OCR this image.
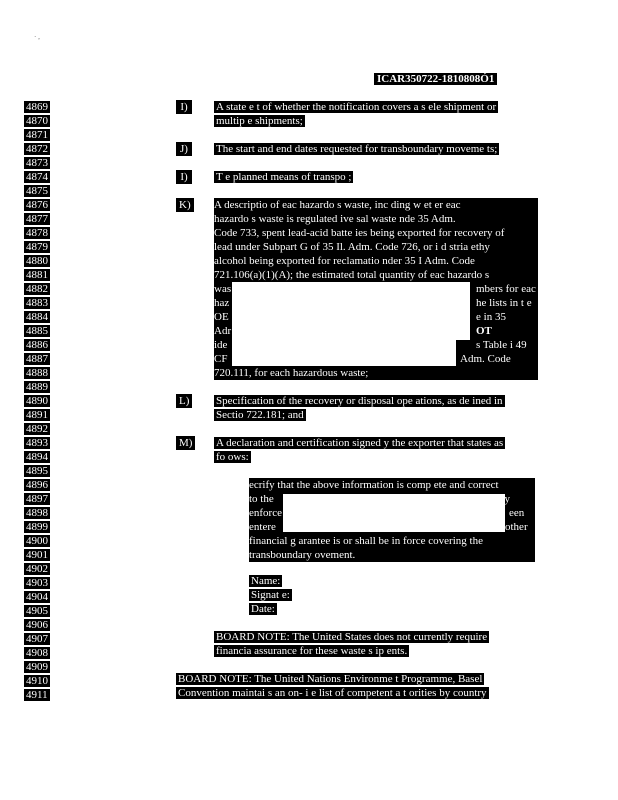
· ,
ICAR350722-1810808Ó1
4869
4870
4871
4872
4873
4874
4875
4876
4877
4878
4879
4880
4881
4882
4883
4884
4885
4886
4887
4888
4889
4890
4891
4892
4893
4894
4895
4896
4897
4898
4899
4900
4901
4902
4903
4904
4905
4906
4907
4908
4909
4910
4911
I)	A state e t of whether the notification covers a s ele shipment or
multip e shipments;
J)	The start and end dates requested for transboundary moveme ts;
I)	T e planned means of transpo ;
K) A descriptio of eac hazardo s waste, inc ding w et er eac
hazardo s waste is regulated ive sal waste nde 35 Adm.
Code 733, spent lead-acid batte ies being exported for recovery of
lead under Subpart G of 35 Il. Adm. Code 726, or i d stria ethy
alcohol being exported for reclamatio nder 35 I Adm. Code
721.106(a)(1)(A); the estimated total quantity of eac hazardo s
was
haz
OE
Adr
ide
CF
720.111, for each hazardous waste;
mbers for eac
he lists in t e
e in 35
OT
s Table i 49
Adm. Code
L) Specification of the recovery or disposal ope ations, as de ined in
Sectio 722.181; and
M) A declaration and certification signed y the exporter that states as
fo ows:
ecrify that the above information is comp ete and correct
to the
enforce
entere
financial g arantee is or shall be in force covering the
transboundary ovement.
t ta ly
een
other
Name:
Signat e:
Date:
BOARD NOTE: The United States does not currently require
financia assurance for these waste s ip ents.
BOARD NOTE: The United Nations Environme t Programme, Basel
Convention maintai s an on- i e list of competent a t orities by country
